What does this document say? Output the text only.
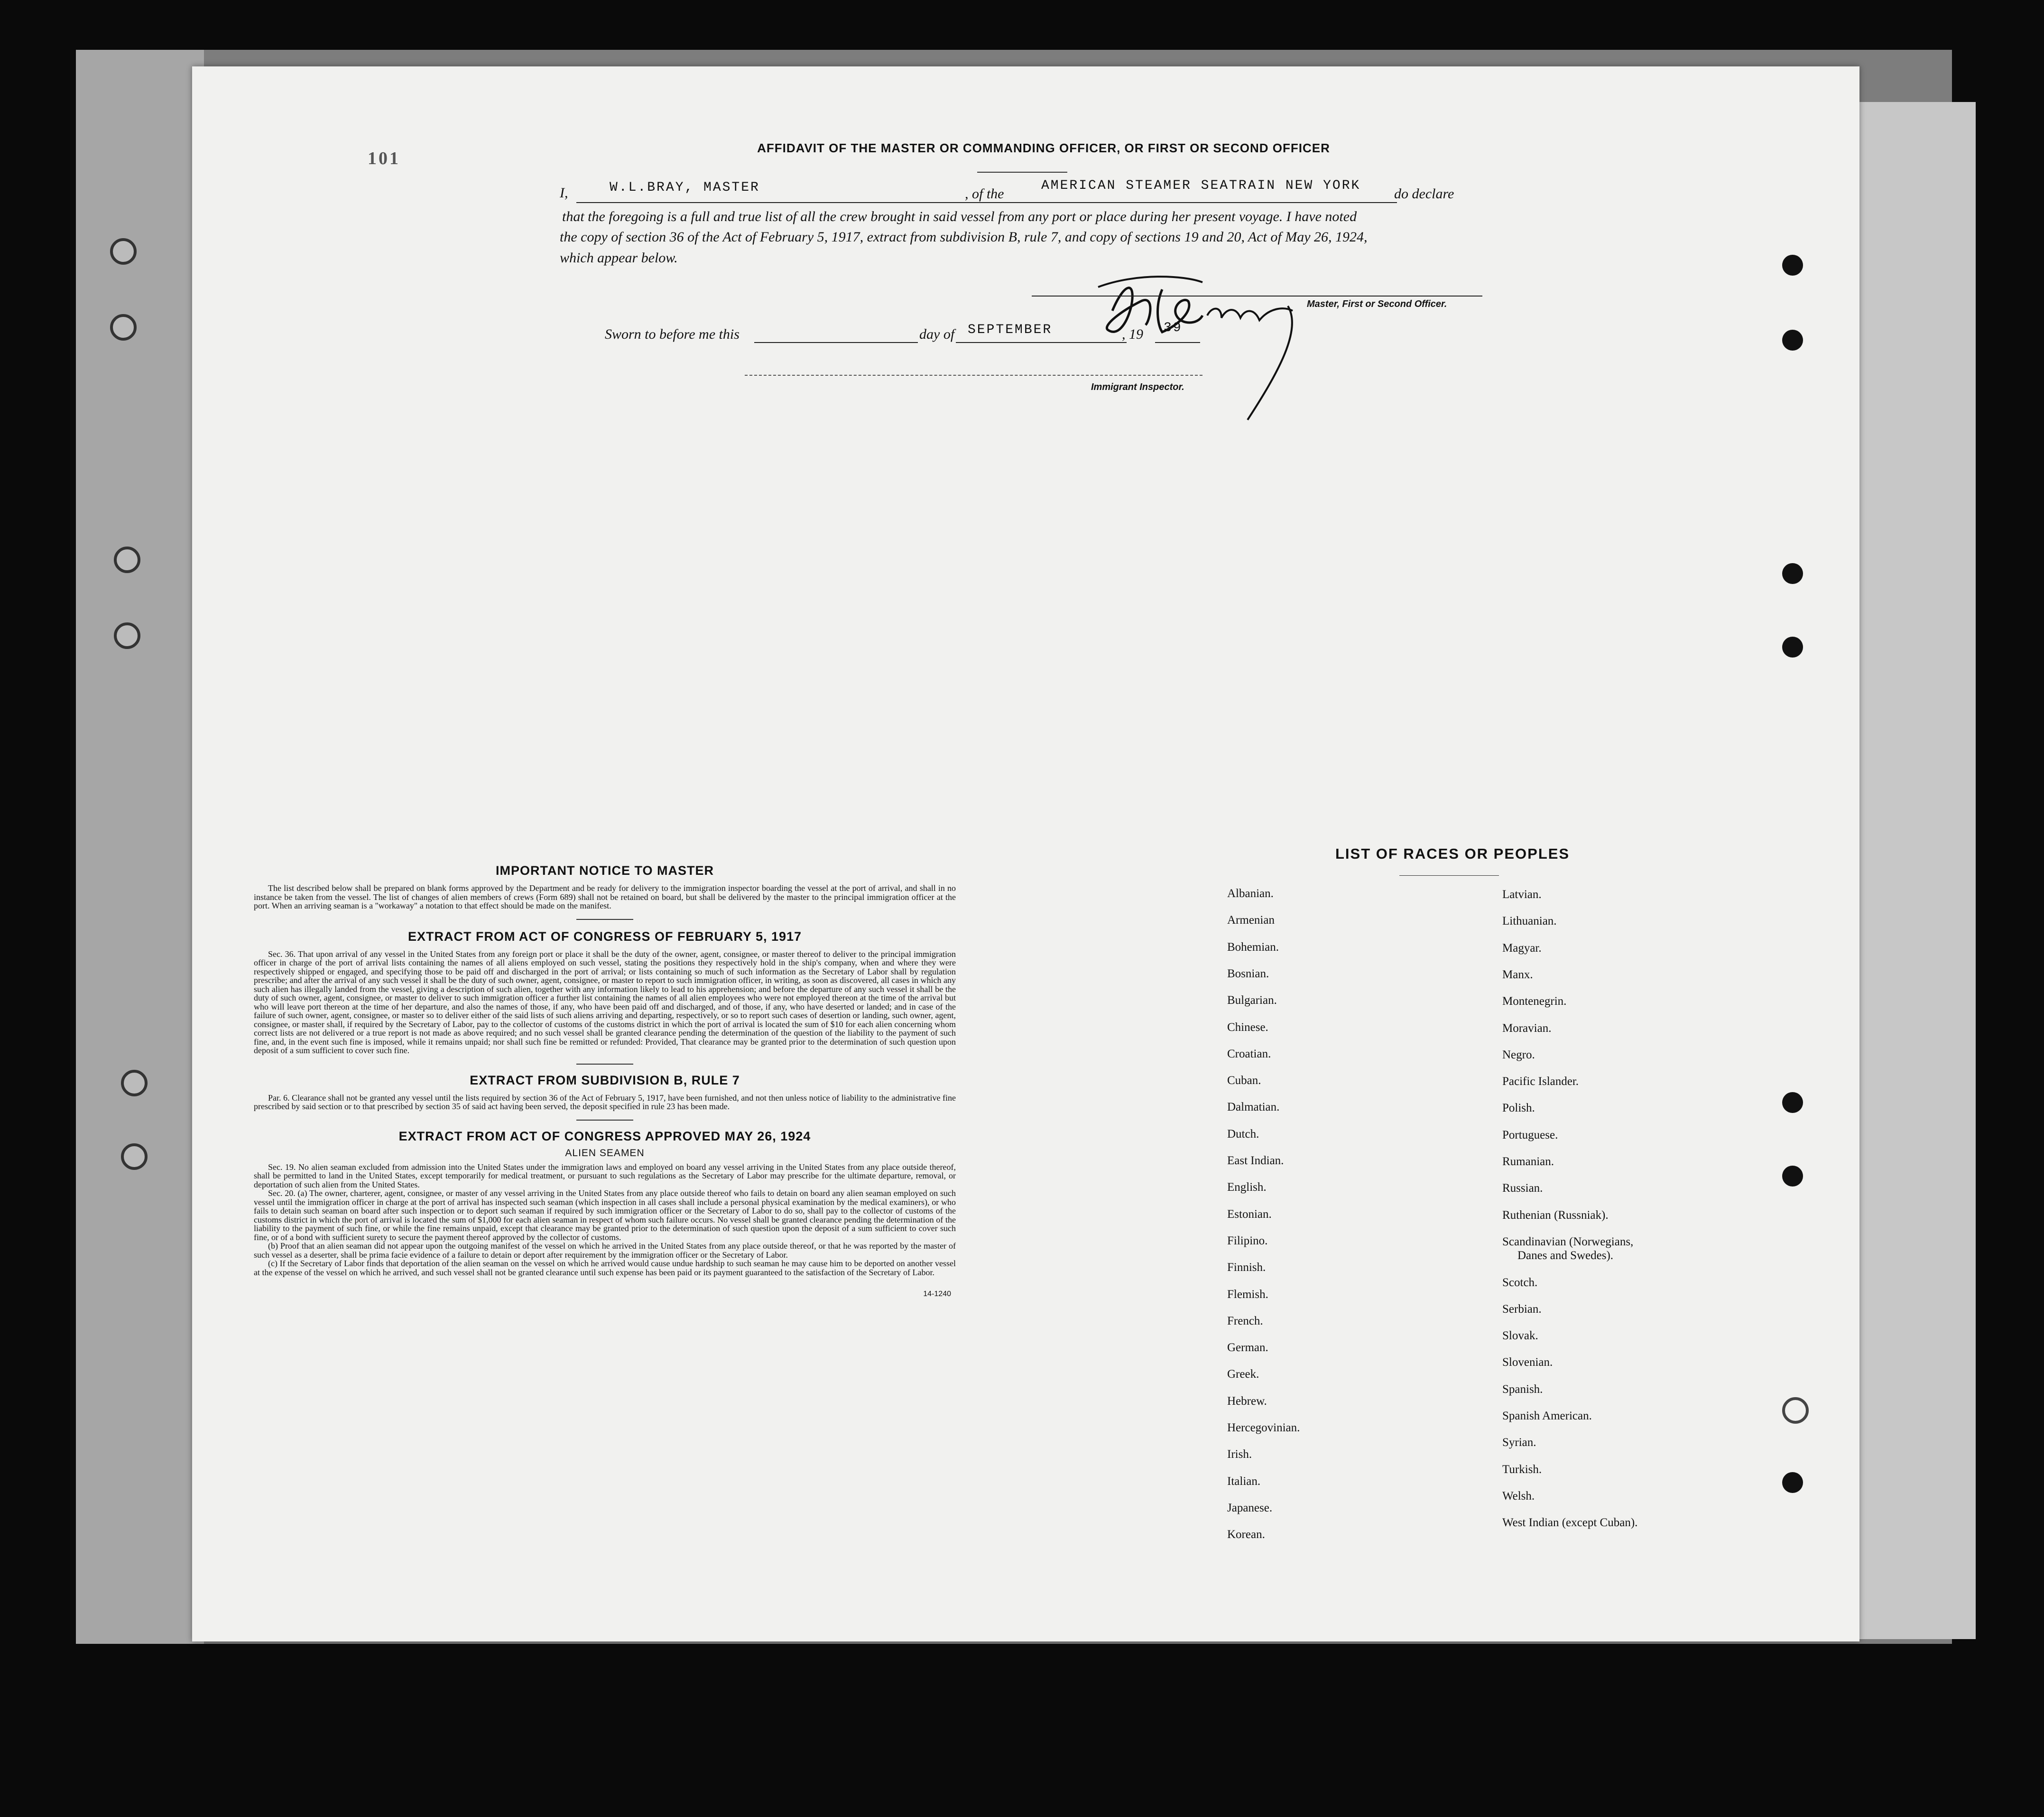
101
AFFIDAVIT OF THE MASTER OR COMMANDING OFFICER, OR FIRST OR SECOND OFFICER
I,	W.L.BRAY, MASTER	, of the
AMERICAN STEAMER SEATRAIN NEW YORK
do declare
that the foregoing is a full and true list of all the crew brought in said vessel from any port or place during her present voyage. I have noted
the copy of section 36 of the Act of February 5, 1917, extract from subdivision B, rule 7, and copy of sections 19 and 20, Act of May 26, 1924,
which appear below.
Master, First or Second Officer.
Sworn to before me this	day of SEPTEMBER	, 19 39
Immigrant Inspector.
IMPORTANT NOTICE TO MASTER
The list described below shall be prepared on blank forms approved by the Department and be ready for delivery to the immigration inspector boarding the vessel at the port of arrival, and shall in no instance be taken from the vessel. The list of changes of alien members of crews (Form 689) shall not be retained on board, but shall be delivered by the master to the principal immigration officer at the port. When an arriving seaman is a "workaway" a notation to that effect should be made on the manifest.
EXTRACT FROM ACT OF CONGRESS OF FEBRUARY 5, 1917
Sec. 36. That upon arrival of any vessel in the United States from any foreign port or place it shall be the duty of the owner, agent, consignee, or master thereof to deliver to the principal immigration officer in charge of the port of arrival lists containing the names of all aliens employed on such vessel, stating the positions they respectively hold in the ship's company, when and where they were respectively shipped or engaged, and specifying those to be paid off and discharged in the port of arrival; or lists containing so much of such information as the Secretary of Labor shall by regulation prescribe; and after the arrival of any such vessel it shall be the duty of such owner, agent, consignee, or master to report to such immigration officer, in writing, as soon as discovered, all cases in which any such alien has illegally landed from the vessel, giving a description of such alien, together with any information likely to lead to his apprehension; and before the departure of any such vessel it shall be the duty of such owner, agent, consignee, or master to deliver to such immigration officer a further list containing the names of all alien employees who were not employed thereon at the time of the arrival but who will leave port thereon at the time of her departure, and also the names of those, if any, who have been paid off and discharged, and of those, if any, who have deserted or landed; and in case of the failure of such owner, agent, consignee, or master so to deliver either of the said lists of such aliens arriving and departing, respectively, or so to report such cases of desertion or landing, such owner, agent, consignee, or master shall, if required by the Secretary of Labor, pay to the collector of customs of the customs district in which the port of arrival is located the sum of $10 for each alien concerning whom correct lists are not delivered or a true report is not made as above required; and no such vessel shall be granted clearance pending the determination of the question of the liability to the payment of such fine, and, in the event such fine is imposed, while it remains unpaid; nor shall such fine be remitted or refunded: Provided, That clearance may be granted prior to the determination of such question upon deposit of a sum sufficient to cover such fine.
EXTRACT FROM SUBDIVISION B, RULE 7
Par. 6. Clearance shall not be granted any vessel until the lists required by section 36 of the Act of February 5, 1917, have been furnished, and not then unless notice of liability to the administrative fine prescribed by said section or to that prescribed by section 35 of said act having been served, the deposit specified in rule 23 has been made.
EXTRACT FROM ACT OF CONGRESS APPROVED MAY 26, 1924
ALIEN SEAMEN
Sec. 19. No alien seaman excluded from admission into the United States under the immigration laws and employed on board any vessel arriving in the United States from any place outside thereof, shall be permitted to land in the United States, except temporarily for medical treatment, or pursuant to such regulations as the Secretary of Labor may prescribe for the ultimate departure, removal, or deportation of such alien from the United States.
Sec. 20. (a) The owner, charterer, agent, consignee, or master of any vessel arriving in the United States from any place outside thereof who fails to detain on board any alien seaman employed on such vessel until the immigration officer in charge at the port of arrival has inspected such seaman (which inspection in all cases shall include a personal physical examination by the medical examiners), or who fails to detain such seaman on board after such inspection or to deport such seaman if required by such immigration officer or the Secretary of Labor to do so, shall pay to the collector of customs of the customs district in which the port of arrival is located the sum of $1,000 for each alien seaman in respect of whom such failure occurs. No vessel shall be granted clearance pending the determination of the liability to the payment of such fine, or while the fine remains unpaid, except that clearance may be granted prior to the determination of such question upon the deposit of a sum sufficient to cover such fine, or of a bond with sufficient surety to secure the payment thereof approved by the collector of customs.
(b) Proof that an alien seaman did not appear upon the outgoing manifest of the vessel on which he arrived in the United States from any place outside thereof, or that he was reported by the master of such vessel as a deserter, shall be prima facie evidence of a failure to detain or deport after requirement by the immigration officer or the Secretary of Labor.
(c) If the Secretary of Labor finds that deportation of the alien seaman on the vessel on which he arrived would cause undue hardship to such seaman he may cause him to be deported on another vessel at the expense of the vessel on which he arrived, and such vessel shall not be granted clearance until such expense has been paid or its payment guaranteed to the satisfaction of the Secretary of Labor.
14-1240
LIST OF RACES OR PEOPLES
Albanian.
Armenian
Bohemian.
Bosnian.
Bulgarian.
Chinese.
Croatian.
Cuban.
Dalmatian.
Dutch.
East Indian.
English.
Estonian.
Filipino.
Finnish.
Flemish.
French.
German.
Greek.
Hebrew.
Hercegovinian.
Irish.
Italian.
Japanese.
Korean.
Latvian.
Lithuanian.
Magyar.
Manx.
Montenegrin.
Moravian.
Negro.
Pacific Islander.
Polish.
Portuguese.
Rumanian.
Russian.
Ruthenian (Russniak).
Scandinavian (Norwegians,
Danes and Swedes).
Scotch.
Serbian.
Slovak.
Slovenian.
Spanish.
Spanish American.
Syrian.
Turkish.
Welsh.
West Indian (except Cuban).
